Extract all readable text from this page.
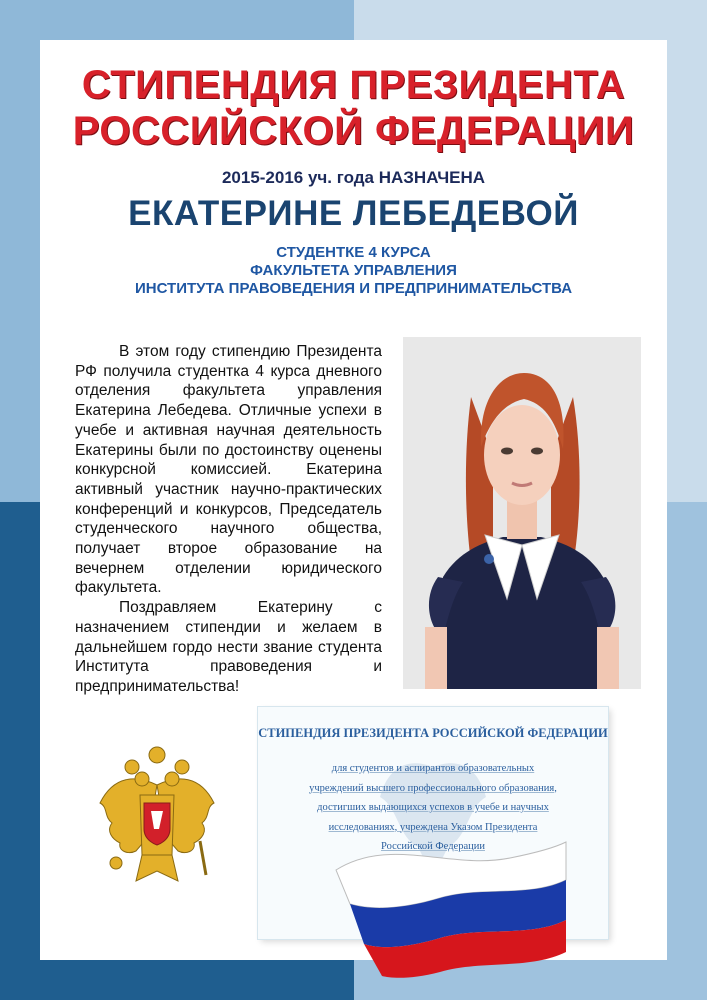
СТИПЕНДИЯ ПРЕЗИДЕНТА
РОССИЙСКОЙ ФЕДЕРАЦИИ
2015-2016 уч. года НАЗНАЧЕНА
ЕКАТЕРИНЕ ЛЕБЕДЕВОЙ
СТУДЕНТКЕ 4 КУРСА
ФАКУЛЬТЕТА УПРАВЛЕНИЯ
ИНСТИТУТА ПРАВОВЕДЕНИЯ И ПРЕДПРИНИМАТЕЛЬСТВА

В этом году стипендию Президента РФ получила студентка 4 курса дневного отделения факультета управления Екатерина Лебедева. Отличные успехи в учебе и активная научная деятельность Екатерины были по достоинству оценены конкурсной комиссией. Екатерина активный участник научно-практических конференций и конкурсов, Председатель студенческого научного общества, получает второе образование на вечернем отделении юридического факультета.

Поздравляем Екатерину с назначением стипендии и желаем в дальнейшем гордо нести звание студента Института правоведения и предпринимательства!

СТИПЕНДИЯ ПРЕЗИДЕНТА РОССИЙСКОЙ ФЕДЕРАЦИИ
для студентов и аспирантов образовательных
учреждений высшего профессионального образования,
достигших выдающихся успехов в учебе и научных
исследованиях, учреждена Указом Президента
Российской Федерации
